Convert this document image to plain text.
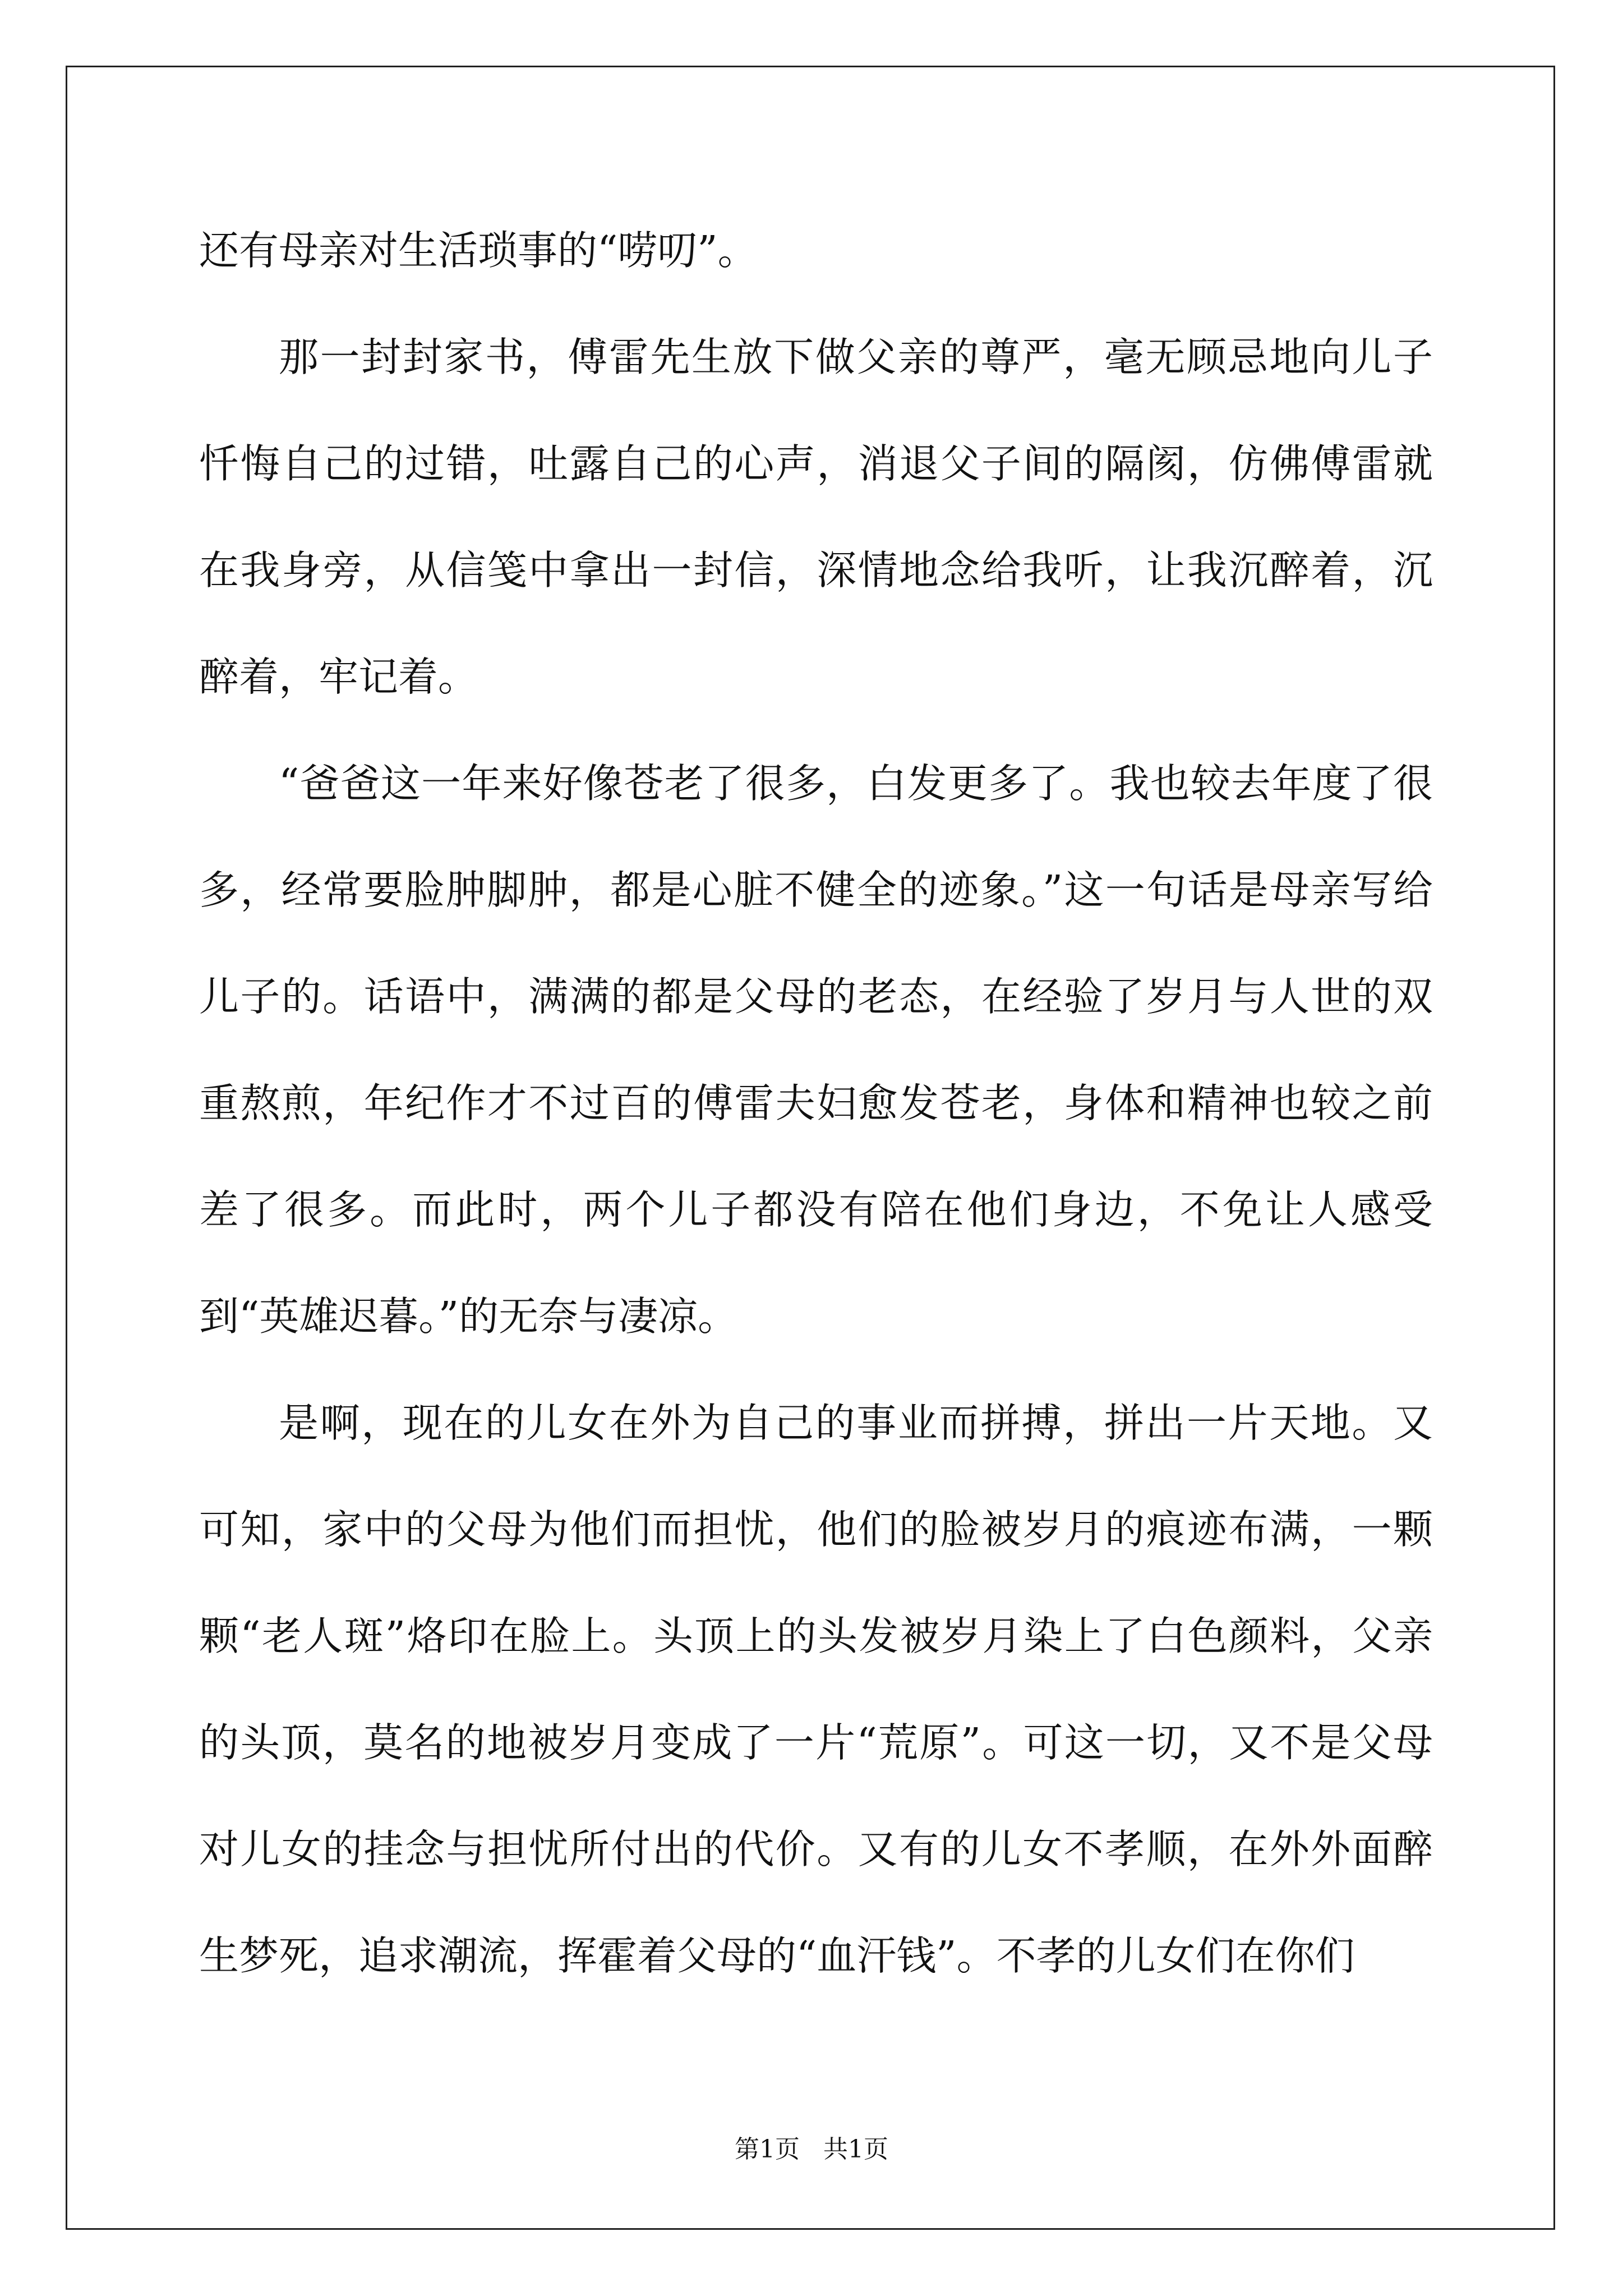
还有母亲对生活琐事的“唠叨”。

那一封封家书，傅雷先生放下做父亲的尊严，毫无顾忌地向儿子忏悔自己的过错，吐露自己的心声，消退父子间的隔阂，仿佛傅雷就在我身旁，从信笺中拿出一封信，深情地念给我听，让我沉醉着，沉醉着，牢记着。

“爸爸这一年来好像苍老了很多，白发更多了。我也较去年度了很多，经常要脸肿脚肿，都是心脏不健全的迹象。”这一句话是母亲写给儿子的。话语中，满满的都是父母的老态，在经验了岁月与人世的双重熬煎，年纪作才不过百的傅雷夫妇愈发苍老，身体和精神也较之前差了很多。而此时，两个儿子都没有陪在他们身边，不免让人感受到“英雄迟暮。”的无奈与凄凉。

是啊，现在的儿女在外为自己的事业而拼搏，拼出一片天地。又可知，家中的父母为他们而担忧，他们的脸被岁月的痕迹布满，一颗颗“老人斑”烙印在脸上。头顶上的头发被岁月染上了白色颜料，父亲的头顶，莫名的地被岁月变成了一片“荒原”。可这一切，又不是父母对儿女的挂念与担忧所付出的代价。又有的儿女不孝顺，在外外面醉生梦死，追求潮流，挥霍着父母的“血汗钱”。不孝的儿女们在你们

第1页   共1页
